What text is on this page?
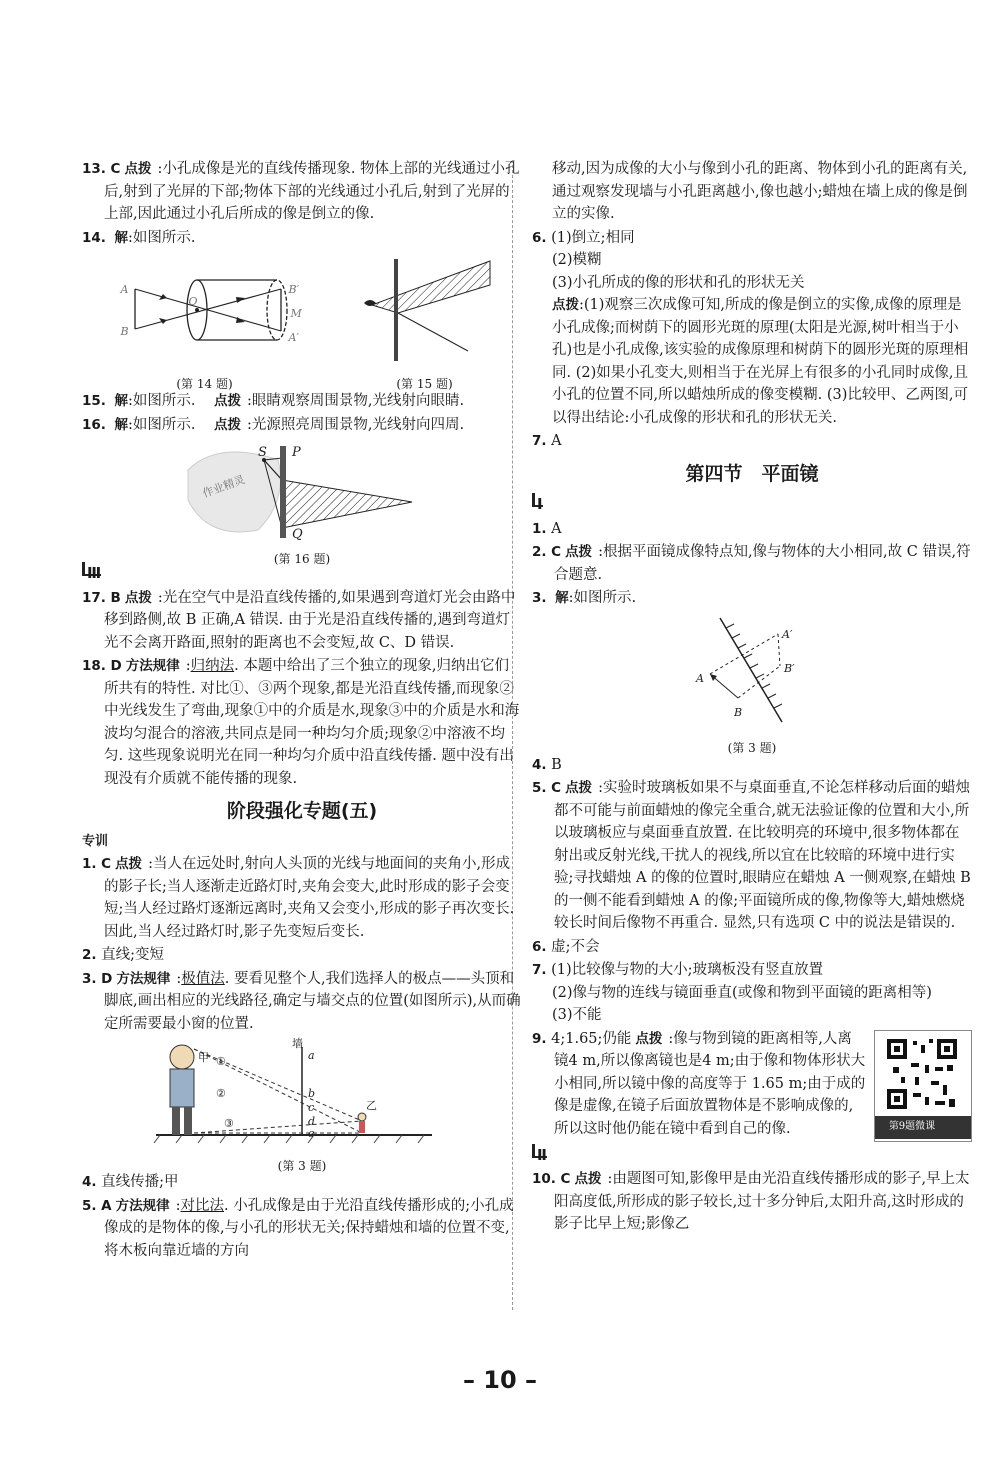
13. C 点拨 :小孔成像是光的直线传播现象. 物体上部的光线通过小孔后,射到了光屏的下部;物体下部的光线通过小孔后,射到了光屏的上部,因此通过小孔后所成的像是倒立的像.

14. 解:如图所示.

A
B
O
B′
M
A′
(第 14 题)	(第 15 题)

15. 解:如图所示.  点拨 :眼睛观察周围景物,光线射向眼睛.

16. 解:如图所示.  点拨 :光源照亮周围景物,光线射向四周.

S P
Q
作业精灵
(第 16 题)
Ⅲ

17. B 点拨 :光在空气中是沿直线传播的,如果遇到弯道灯光会由路中移到路侧,故 B 正确,A 错误. 由于光是沿直线传播的,遇到弯道灯光不会离开路面,照射的距离也不会变短,故 C、D 错误.

18. D 方法规律 :归纳法. 本题中给出了三个独立的现象,归纳出它们所共有的特性. 对比①、③两个现象,都是光沿直线传播,而现象②中光线发生了弯曲,现象①中的介质是水,现象③中的介质是水和海波均匀混合的溶液,共同点是同一种均匀介质;现象②中溶液不均匀. 这些现象说明光在同一种均匀介质中沿直线传播. 题中没有出现没有介质就不能传播的现象.

阶段强化专题(五)
专训

1. C 点拨 :当人在远处时,射向人头顶的光线与地面间的夹角小,形成的影子长;当人逐渐走近路灯时,夹角会变大,此时形成的影子会变短;当人经过路灯逐渐远离时,夹角又会变小,形成的影子再次变长. 因此,当人经过路灯时,影子先变短后变长.

2. 直线;变短

3. D 方法规律 :极值法. 要看见整个人,我们选择人的极点——头顶和脚底,画出相应的光线路径,确定与墙交点的位置(如图所示),从而确定所需要最小窗的位置.

甲
乙
墙
a
b
c
d
e
①
②
③
(第 3 题)

4. 直线传播;甲

5. A 方法规律 :对比法. 小孔成像是由于光沿直线传播形成的;小孔成像成的是物体的像,与小孔的形状无关;保持蜡烛和墙的位置不变,将木板向靠近墙的方向

移动,因为成像的大小与像到小孔的距离、物体到小孔的距离有关,通过观察发现墙与小孔距离越小,像也越小;蜡烛在墙上成的像是倒立的实像.

6. (1)倒立;相同

(2)模糊

(3)小孔所成的像的形状和孔的形状无关

点拨:(1)观察三次成像可知,所成的像是倒立的实像,成像的原理是小孔成像;而树荫下的圆形光斑的原理(太阳是光源,树叶相当于小孔)也是小孔成像,该实验的成像原理和树荫下的圆形光斑的原理相同. (2)如果小孔变大,则相当于在光屏上有很多的小孔同时成像,且小孔的位置不同,所以蜡烛所成的像变模糊. (3)比较甲、乙两图,可以得出结论:小孔成像的形状和孔的形状无关.

7. A

第四节　平面镜
Ⅰ

1. A

2. C 点拨 :根据平面镜成像特点知,像与物体的大小相同,故 C 错误,符合题意.

3. 解:如图所示.

A
A′
B
B′
(第 3 题)

4. B

5. C 点拨 :实验时玻璃板如果不与桌面垂直,不论怎样移动后面的蜡烛都不可能与前面蜡烛的像完全重合,就无法验证像的位置和大小,所以玻璃板应与桌面垂直放置. 在比较明亮的环境中,很多物体都在射出或反射光线,干扰人的视线,所以宜在比较暗的环境中进行实验;寻找蜡烛 A 的像的位置时,眼睛应在蜡烛 A 一侧观察,在蜡烛 B 的一侧不能看到蜡烛 A 的像;平面镜所成的像,物像等大,蜡烛燃烧较长时间后像物不再重合. 显然,只有选项 C 中的说法是错误的.

6. 虚;不会

7. (1)比较像与物的大小;玻璃板没有竖直放置

(2)像与物的连线与镜面垂直(或像和物到平面镜的距离相等)

(3)不能

第9题微课
9. 4;1.65;仍能 点拨 :像与物到镜的距离相等,人离镜4 m,所以像离镜也是4 m;由于像和物体形状大小相同,所以镜中像的高度等于 1.65 m;由于成的像是虚像,在镜子后面放置物体是不影响成像的,所以这时他仍能在镜中看到自己的像.
Ⅱ

10. C 点拨 :由题图可知,影像甲是由光沿直线传播形成的影子,早上太阳高度低,所形成的影子较长,过十多分钟后,太阳升高,这时形成的影子比早上短;影像乙

– 10 –
